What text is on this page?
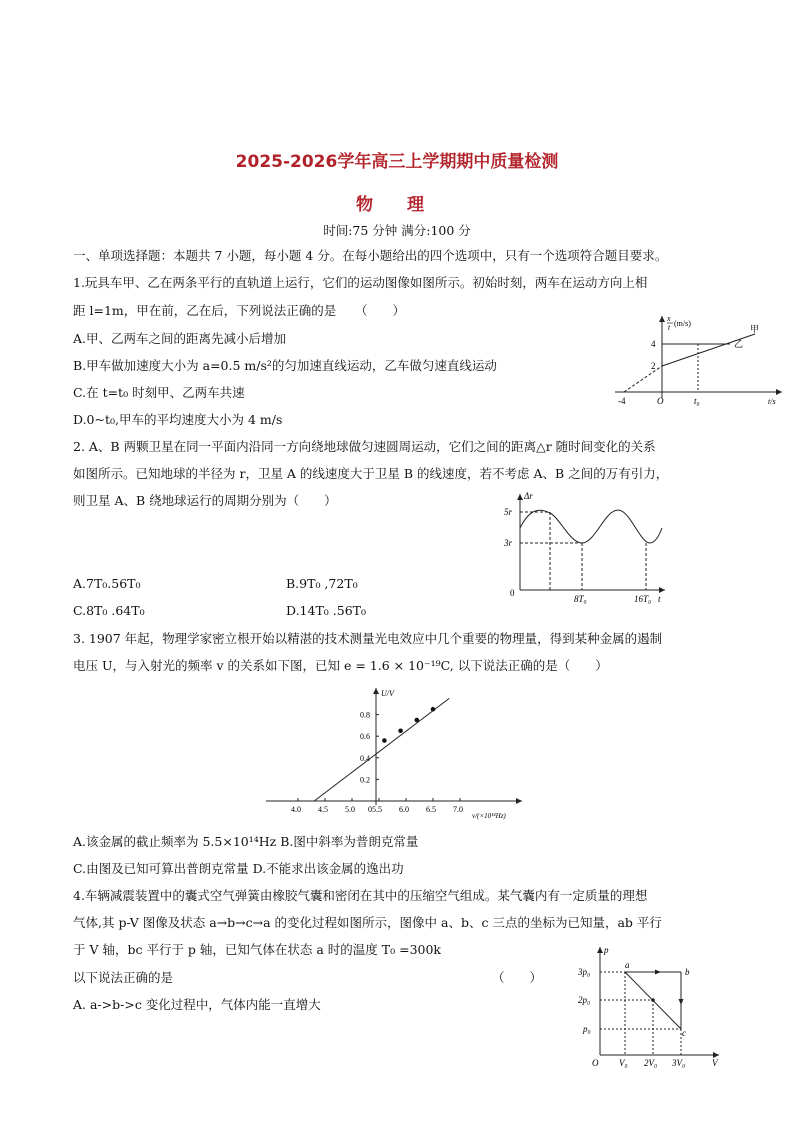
2025-2026学年高三上学期期中质量检测
物 理
时间:75 分钟 满分:100 分
一、单项选择题：本题共 7 小题，每小题 4 分。在每小题给出的四个选项中，只有一个选项符合题目要求。
1.玩具车甲、乙在两条平行的直轨道上运行，它们的运动图像如图所示。初始时刻，两车在运动方向上相
距 l=1m，甲在前，乙在后，下列说法正确的是　　（　　）
A.甲、乙两车之间的距离先减小后增加
B.甲车做加速度大小为 a=0.5 m/s²的匀加速直线运动，乙车做匀速直线运动
C.在 t=t₀ 时刻甲、乙两车共速
D.0~t₀,甲车的平均速度大小为 4 m/s
x
t (m/s)
4
2
-4	O	t₀	t/s
甲
乙
2. A、B 两颗卫星在同一平面内沿同一方向绕地球做匀速圆周运动，它们之间的距离△r 随时间变化的关系
如图所示。已知地球的半径为 r，卫星 A 的线速度大于卫星 B 的线速度，若不考虑 A、B 之间的万有引力，
则卫星 A、B 绕地球运行的周期分别为（　　）
A.7T₀.56T₀	B.9T₀ ,72T₀
C.8T₀ .64T₀	D.14T₀ .56T₀
Δr
5r
3r
0
8T₀	16T₀ t
3. 1907 年起，物理学家密立根开始以精湛的技术测量光电效应中几个重要的物理量，得到某种金属的遏制
电压 U，与入射光的频率 v 的关系如下图，已知 e = 1.6 × 10⁻¹⁹C, 以下说法正确的是（　　）
4.0 4.5 5.0 5.5 6.0 6.5 7.0
0.2
0.4
0.6
0.8
U/V
ν/(×10¹⁴Hz)
0
A.该金属的截止频率为 5.5×10¹⁴Hz B.图中斜率为普朗克常量
C.由图及已知可算出普朗克常量 D.不能求出该金属的逸出功
4.车辆减震装置中的囊式空气弹簧由橡胶气囊和密闭在其中的压缩空气组成。某气囊内有一定质量的理想
气体,其 p-V 图像及状态 a→b→c→a 的变化过程如图所示，图像中 a、b、c 三点的坐标为已知量，ab 平行
于 V 轴，bc 平行于 p 轴，已知气体在状态 a 时的温度 T₀ =300k
以下说法正确的是	（　　）
A. a->b->c 变化过程中，气体内能一直增大
p
3p₀
2p₀
p₀
O V₀ 2V₀ 3V₀	V
a
b
c
